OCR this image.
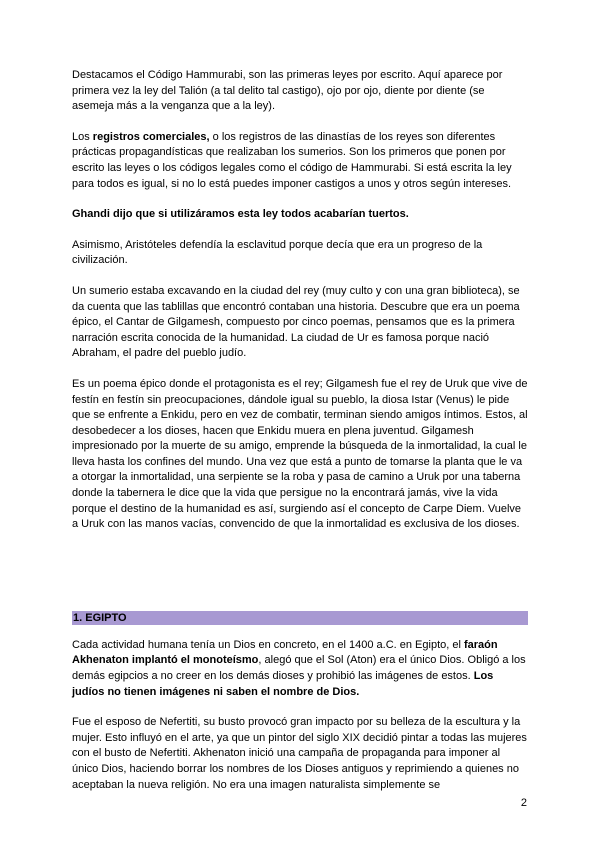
Destacamos el Código Hammurabi, son las primeras leyes por escrito. Aquí aparece por primera vez la ley del Talión (a tal delito tal castigo), ojo por ojo, diente por diente (se asemeja más a la venganza que a la ley).

Los registros comerciales, o los registros de las dinastías de los reyes son diferentes prácticas propagandísticas que realizaban los sumerios. Son los primeros que ponen por escrito las leyes o los códigos legales como el código de Hammurabi. Si está escrita la ley para todos es igual, si no lo está puedes imponer castigos a unos y otros según intereses.

Ghandi dijo que si utilizáramos esta ley todos acabarían tuertos.

Asimismo, Aristóteles defendía la esclavitud porque decía que era un progreso de la civilización.

Un sumerio estaba excavando en la ciudad del rey (muy culto y con una gran biblioteca), se da cuenta que las tablillas que encontró contaban una historia. Descubre que era un poema épico, el Cantar de Gilgamesh, compuesto por cinco poemas, pensamos que es la primera narración escrita conocida de la humanidad. La ciudad de Ur es famosa porque nació Abraham, el padre del pueblo judío.

Es un poema épico donde el protagonista es el rey; Gilgamesh fue el rey de Uruk que vive de festín en festín sin preocupaciones, dándole igual su pueblo, la diosa Istar (Venus) le pide que se enfrente a Enkidu, pero en vez de combatir, terminan siendo amigos íntimos. Estos, al desobedecer a los dioses, hacen que Enkidu muera en plena juventud. Gilgamesh impresionado por la muerte de su amigo, emprende la búsqueda de la inmortalidad, la cual le lleva hasta los confines del mundo. Una vez que está a punto de tomarse la planta que le va a otorgar la inmortalidad, una serpiente se la roba y pasa de camino a Uruk por una taberna donde la tabernera le dice que la vida que persigue no la encontrará jamás, vive la vida porque el destino de la humanidad es así, surgiendo así el concepto de Carpe Diem. Vuelve a Uruk con las manos vacías, convencido de que la inmortalidad es exclusiva de los dioses.

1. EGIPTO

Cada actividad humana tenía un Dios en concreto, en el 1400 a.C. en Egipto, el faraón Akhenaton implantó el monoteísmo, alegó que el Sol (Aton) era el único Dios. Obligó a los demás egipcios a no creer en los demás dioses y prohibió las imágenes de estos. Los judíos no tienen imágenes ni saben el nombre de Dios.

Fue el esposo de Nefertiti, su busto provocó gran impacto por su belleza de la escultura y la mujer. Esto influyó en el arte, ya que un pintor del siglo XIX decidió pintar a todas las mujeres con el busto de Nefertiti. Akhenaton inició una campaña de propaganda para imponer al único Dios, haciendo borrar los nombres de los Dioses antiguos y reprimiendo a quienes no aceptaban la nueva religión. No era una imagen naturalista simplemente se

2
